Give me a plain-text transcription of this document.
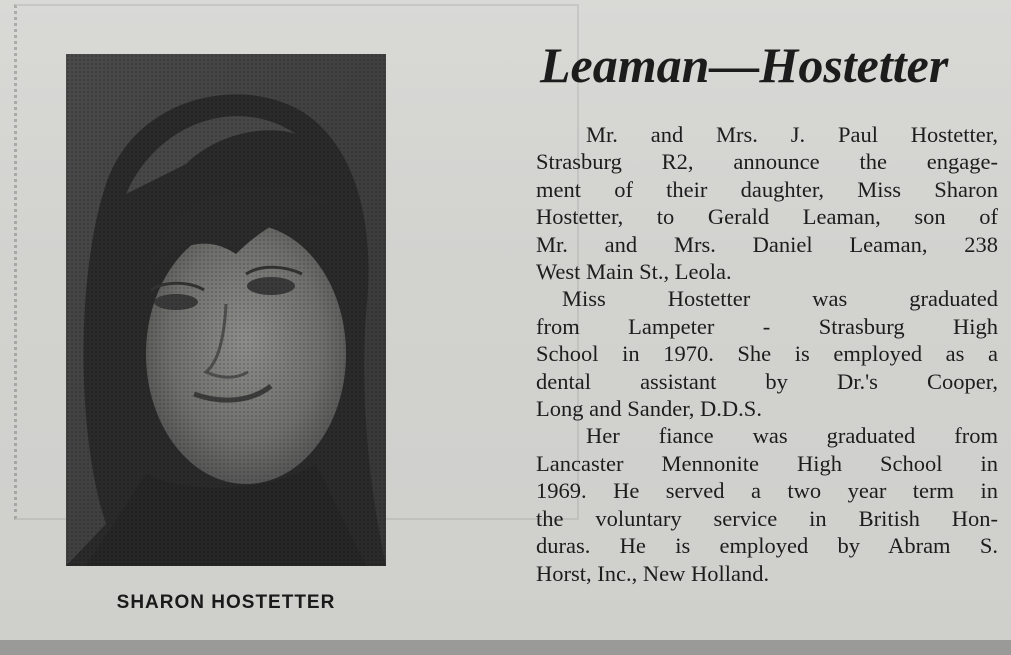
SHARON HOSTETTER
Leaman—Hostetter
Mr. and Mrs. J. Paul Hostetter,
Strasburg R2, announce the engage-
ment of their daughter, Miss Sharon
Hostetter, to Gerald Leaman, son of
Mr. and Mrs. Daniel Leaman, 238
West Main St., Leola.
Miss Hostetter was graduated
from Lampeter - Strasburg High
School in 1970. She is employed as a
dental assistant by Dr.'s Cooper,
Long and Sander, D.D.S.
Her fiance was graduated from
Lancaster Mennonite High School in
1969. He served a two year term in
the voluntary service in British Hon-
duras. He is employed by Abram S.
Horst, Inc., New Holland.
